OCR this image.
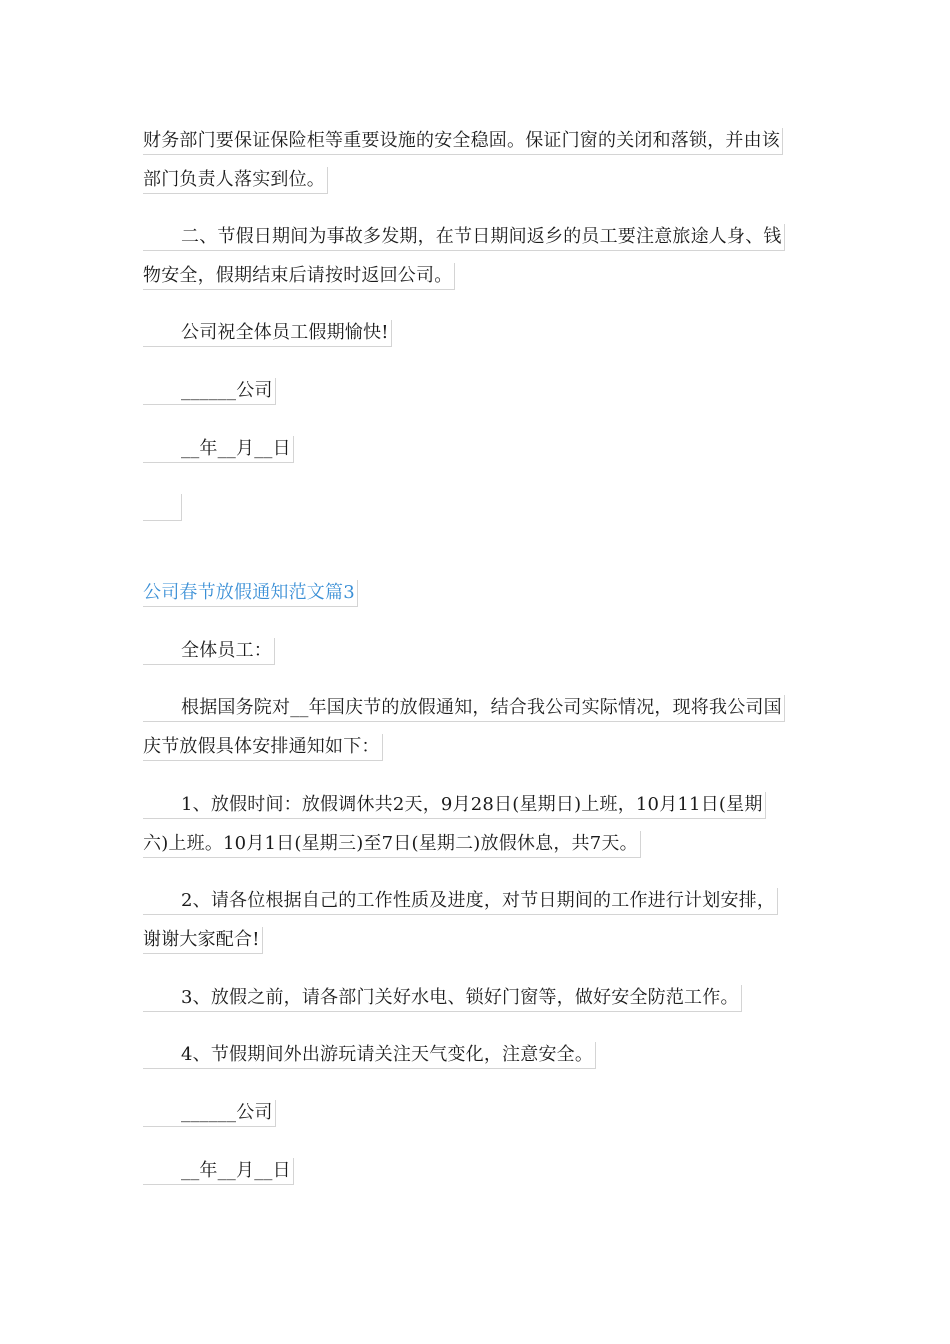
财务部门要保证保险柜等重要设施的安全稳固。保证门窗的关闭和落锁，并由该
部门负责人落实到位。
二、节假日期间为事故多发期，在节日期间返乡的员工要注意旅途人身、钱
物安全，假期结束后请按时返回公司。
公司祝全体员工假期愉快!
______公司
__年__月__日
公司春节放假通知范文篇3
全体员工：
根据国务院对__年国庆节的放假通知，结合我公司实际情况，现将我公司国
庆节放假具体安排通知如下：
1、放假时间：放假调休共2天，9月28日(星期日)上班，10月11日(星期
六)上班。10月1日(星期三)至7日(星期二)放假休息，共7天。
2、请各位根据自己的工作性质及进度，对节日期间的工作进行计划安排，
谢谢大家配合!
3、放假之前，请各部门关好水电、锁好门窗等，做好安全防范工作。
4、节假期间外出游玩请关注天气变化，注意安全。
______公司
__年__月__日
